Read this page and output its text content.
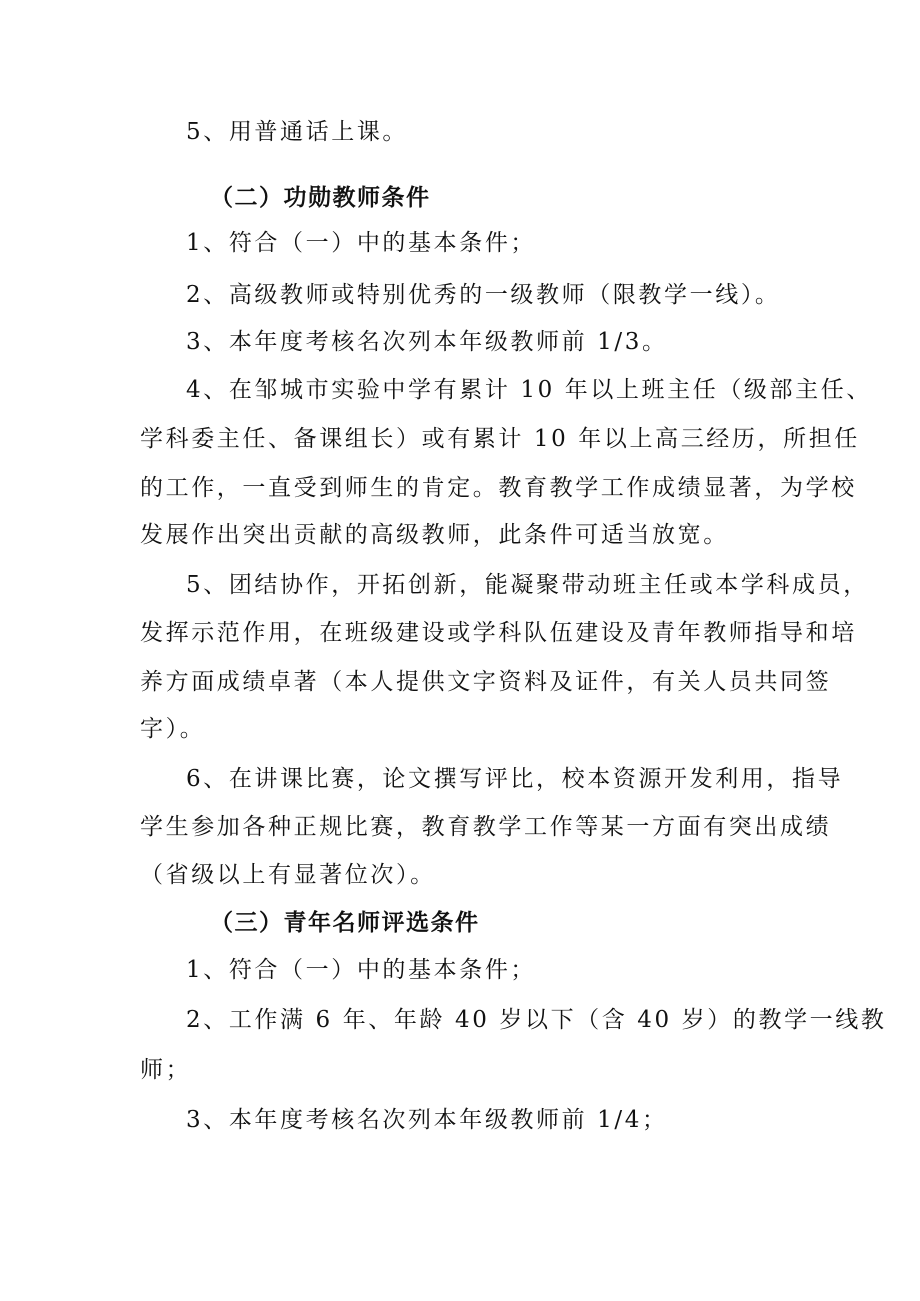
5、用普通话上课。
（二）功勋教师条件
1、符合（一）中的基本条件；
2、高级教师或特别优秀的一级教师（限教学一线）。
3、本年度考核名次列本年级教师前 1/3。
4、在邹城市实验中学有累计 10 年以上班主任（级部主任、
学科委主任、备课组长）或有累计 10 年以上高三经历，所担任
的工作，一直受到师生的肯定。教育教学工作成绩显著，为学校
发展作出突出贡献的高级教师，此条件可适当放宽。
5、团结协作，开拓创新，能凝聚带动班主任或本学科成员，
发挥示范作用，在班级建设或学科队伍建设及青年教师指导和培
养方面成绩卓著（本人提供文字资料及证件，有关人员共同签
字）。
6、在讲课比赛，论文撰写评比，校本资源开发利用，指导
学生参加各种正规比赛，教育教学工作等某一方面有突出成绩
（省级以上有显著位次）。
（三）青年名师评选条件
1、符合（一）中的基本条件；
2、工作满 6 年、年龄 40 岁以下（含 40 岁）的教学一线教
师；
3、本年度考核名次列本年级教师前 1/4；
